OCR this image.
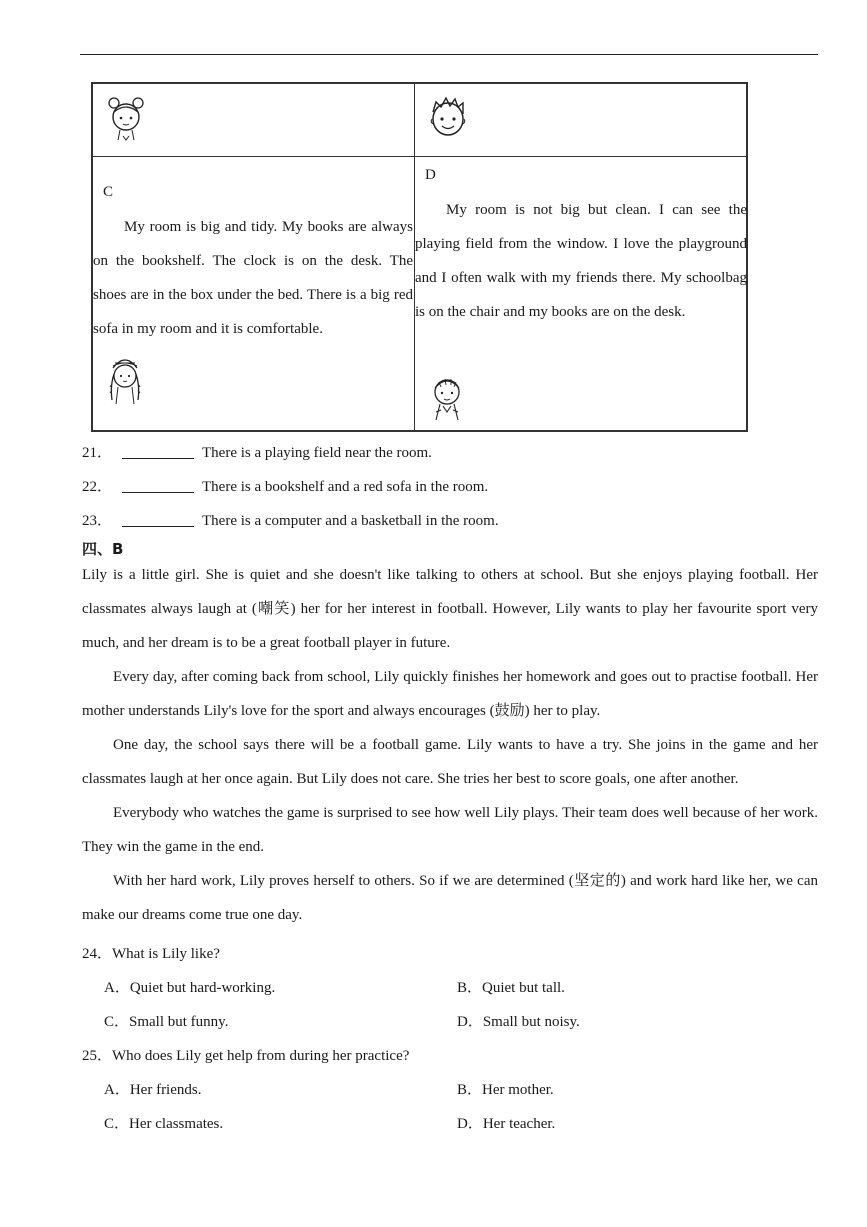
C
My room is big and tidy. My books are always on the bookshelf. The clock is on the desk. The shoes are in the box under the bed. There is a big red sofa in my room and it is comfortable.
D
My room is not big but clean. I can see the playing field from the window. I love the playground and I often walk with my friends there. My schoolbag is on the chair and my books are on the desk.
21．	There is a playing field near the room.
22．	There is a bookshelf and a red sofa in the room.
23．	There is a computer and a basketball in the room.
四、B

Lily is a little girl. She is quiet and she doesn't like talking to others at school. But she enjoys playing football. Her classmates always laugh at (嘲笑) her for her interest in football. However, Lily wants to play her favourite sport very much, and her dream is to be a great football player in future.

Every day, after coming back from school, Lily quickly finishes her homework and goes out to practise football. Her mother understands Lily's love for the sport and always encourages (鼓励) her to play.

One day, the school says there will be a football game. Lily wants to have a try. She joins in the game and her classmates laugh at her once again. But Lily does not care. She tries her best to score goals, one after another.

Everybody who watches the game is surprised to see how well Lily plays. Their team does well because of her work. They win the game in the end.

With her hard work, Lily proves herself to others. So if we are determined (坚定的) and work hard like her, we can make our dreams come true one day.

24．What is Lily like?
A．Quiet but hard-working.	B．Quiet but tall.
C．Small but funny.	D．Small but noisy.
25．Who does Lily get help from during her practice?
A．Her friends.	B．Her mother.
C．Her classmates.	D．Her teacher.
